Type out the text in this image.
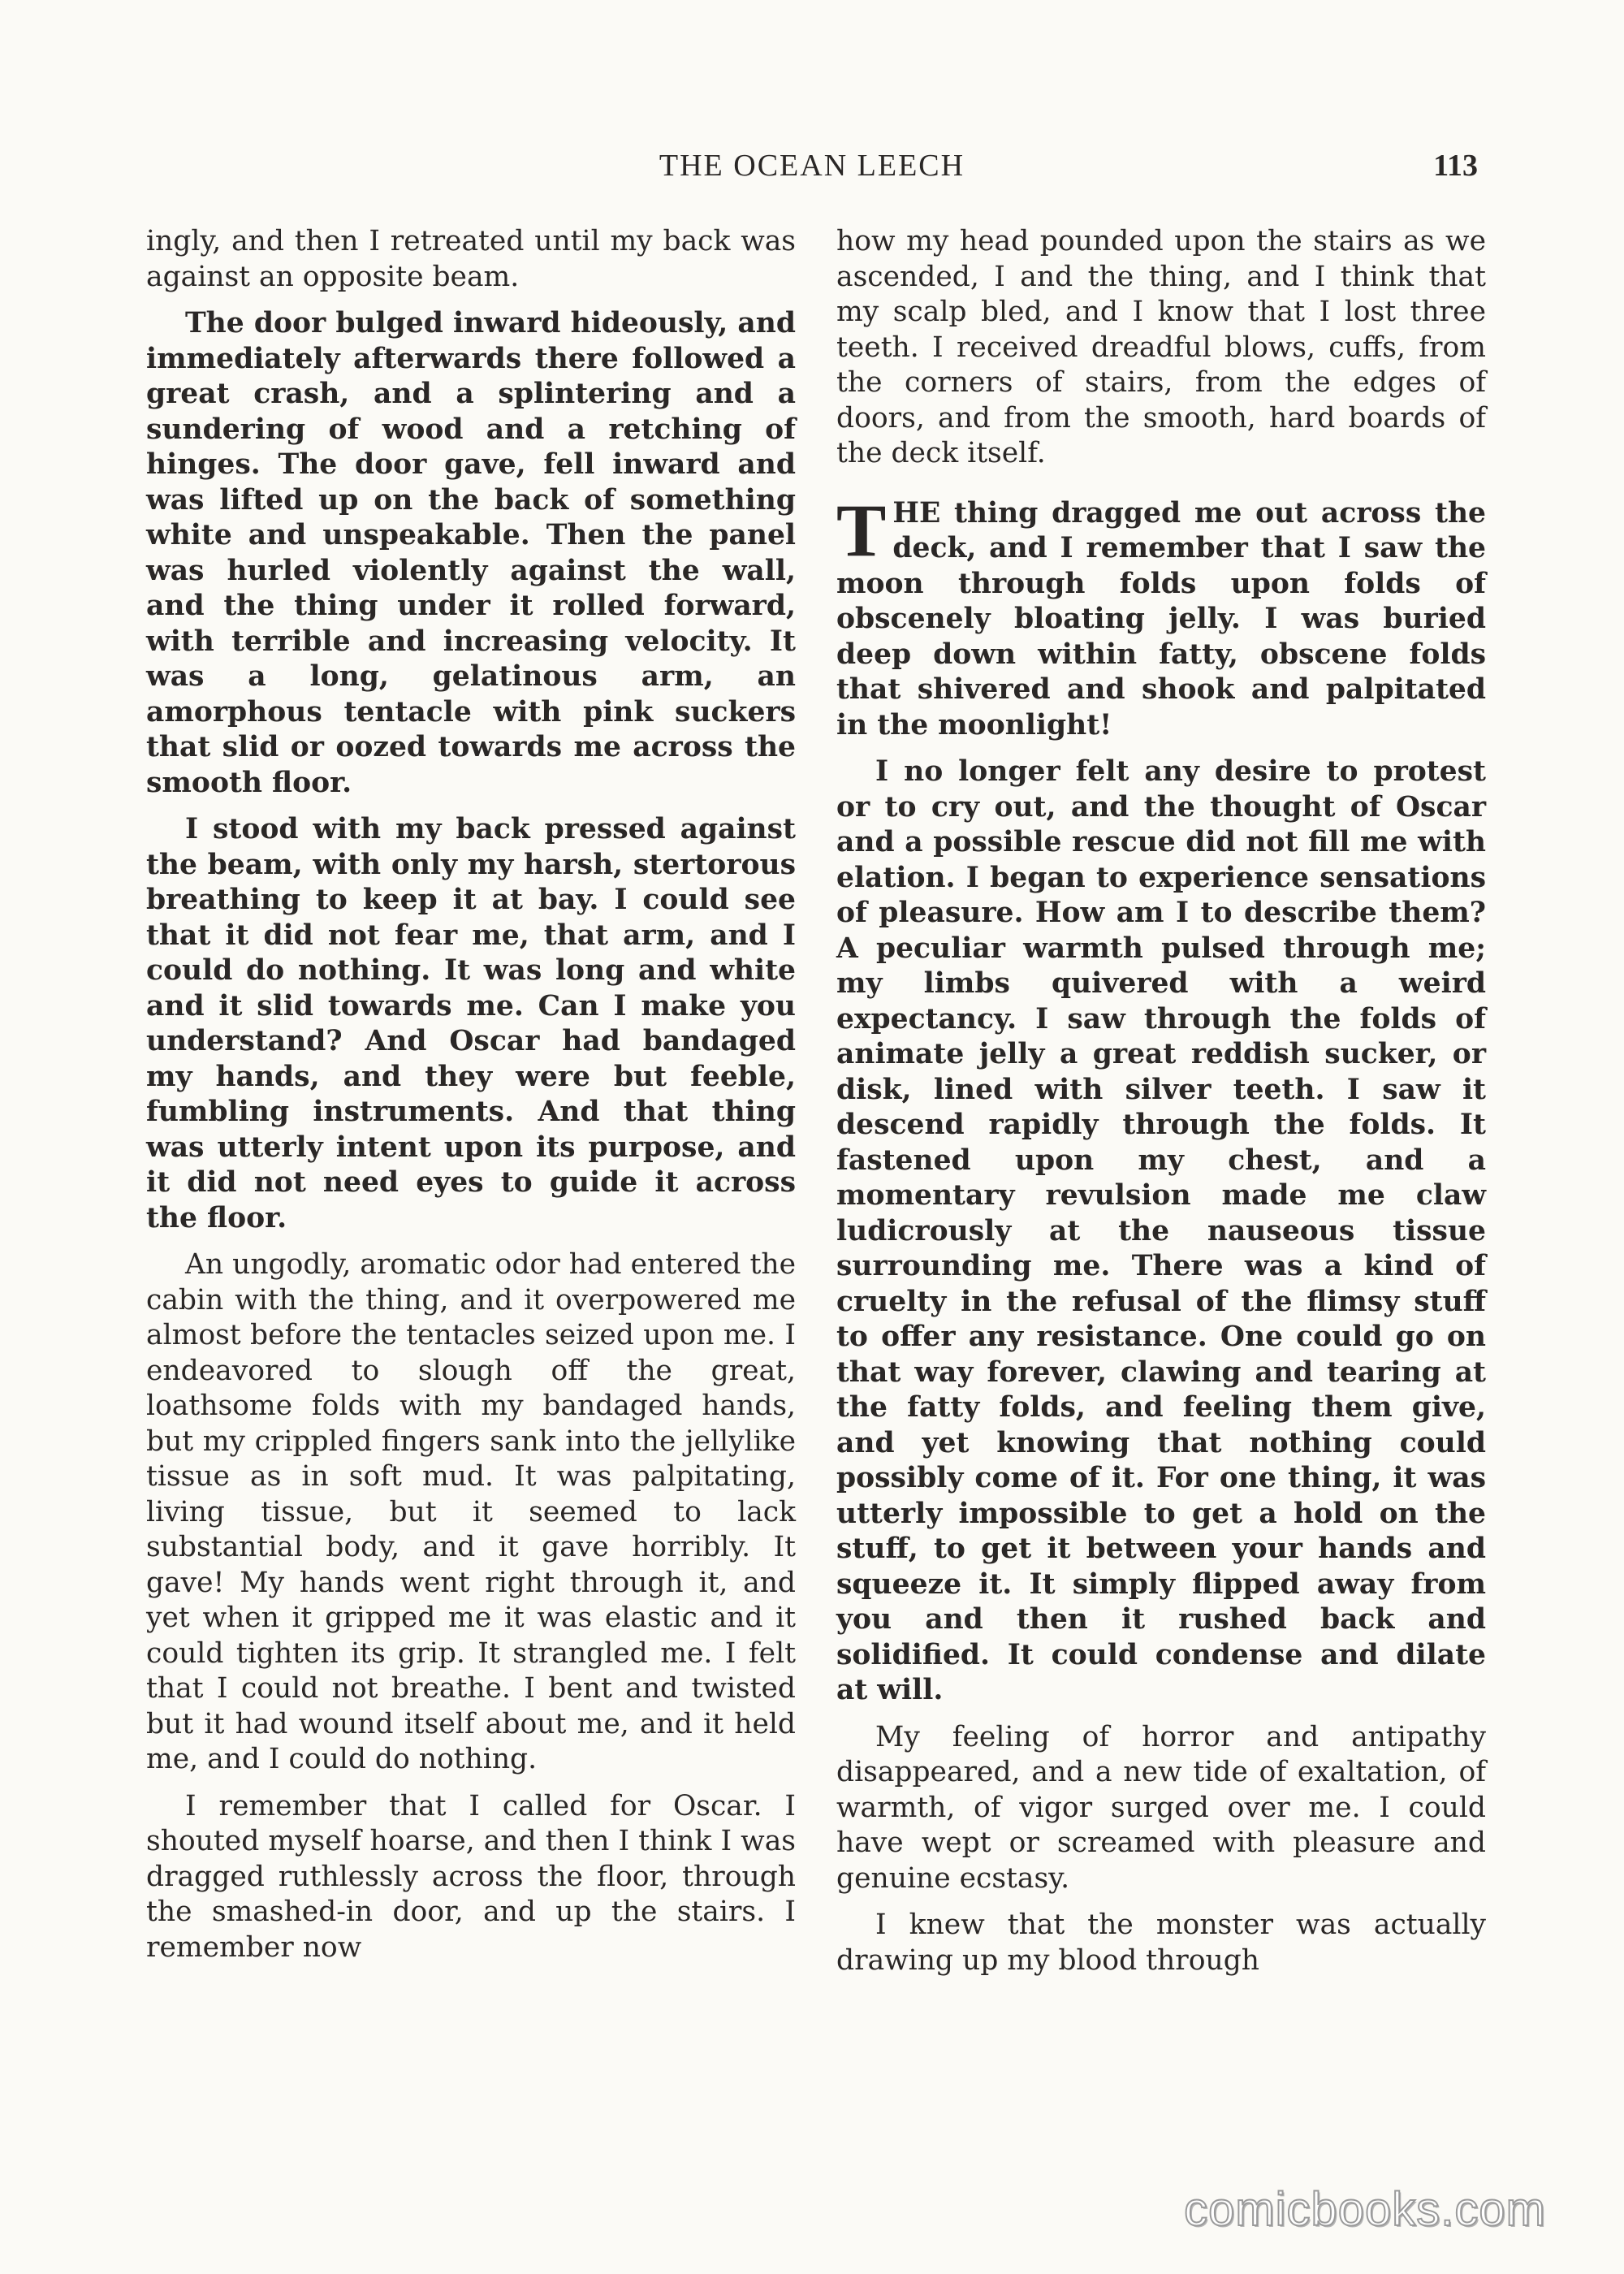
THE OCEAN LEECH	113

ingly, and then I retreated until my back was against an opposite beam.

The door bulged inward hideously, and immediately afterwards there followed a great crash, and a splintering and a sundering of wood and a retching of hinges. The door gave, fell inward and was lifted up on the back of something white and unspeakable. Then the panel was hurled violently against the wall, and the thing under it rolled forward, with terrible and increasing velocity. It was a long, gelatinous arm, an amorphous tentacle with pink suckers that slid or oozed towards me across the smooth floor.

I stood with my back pressed against the beam, with only my harsh, stertorous breathing to keep it at bay. I could see that it did not fear me, that arm, and I could do nothing. It was long and white and it slid towards me. Can I make you understand? And Oscar had bandaged my hands, and they were but feeble, fumbling instruments. And that thing was utterly intent upon its purpose, and it did not need eyes to guide it across the floor.

An ungodly, aromatic odor had entered the cabin with the thing, and it overpowered me almost before the tentacles seized upon me. I endeavored to slough off the great, loathsome folds with my bandaged hands, but my crippled fingers sank into the jellylike tissue as in soft mud. It was palpitating, living tissue, but it seemed to lack substantial body, and it gave horribly. It gave! My hands went right through it, and yet when it gripped me it was elastic and it could tighten its grip. It strangled me. I felt that I could not breathe. I bent and twisted but it had wound itself about me, and it held me, and I could do nothing.

I remember that I called for Oscar. I shouted myself hoarse, and then I think I was dragged ruthlessly across the floor, through the smashed-in door, and up the stairs. I remember now

how my head pounded upon the stairs as we ascended, I and the thing, and I think that my scalp bled, and I know that I lost three teeth. I received dreadful blows, cuffs, from the corners of stairs, from the edges of doors, and from the smooth, hard boards of the deck itself.

THE thing dragged me out across the deck, and I remember that I saw the moon through folds upon folds of obscenely bloating jelly. I was buried deep down within fatty, obscene folds that shivered and shook and palpitated in the moonlight!

I no longer felt any desire to protest or to cry out, and the thought of Oscar and a possible rescue did not fill me with elation. I began to experience sensations of pleasure. How am I to describe them? A peculiar warmth pulsed through me; my limbs quivered with a weird expectancy. I saw through the folds of animate jelly a great reddish sucker, or disk, lined with silver teeth. I saw it descend rapidly through the folds. It fastened upon my chest, and a momentary revulsion made me claw ludicrously at the nauseous tissue surrounding me. There was a kind of cruelty in the refusal of the flimsy stuff to offer any resistance. One could go on that way forever, clawing and tearing at the fatty folds, and feeling them give, and yet knowing that nothing could possibly come of it. For one thing, it was utterly impossible to get a hold on the stuff, to get it between your hands and squeeze it. It simply flipped away from you and then it rushed back and solidified. It could condense and dilate at will.

My feeling of horror and antipathy disappeared, and a new tide of exaltation, of warmth, of vigor surged over me. I could have wept or screamed with pleasure and genuine ecstasy.

I knew that the monster was actually drawing up my blood through

comicbooks.com
